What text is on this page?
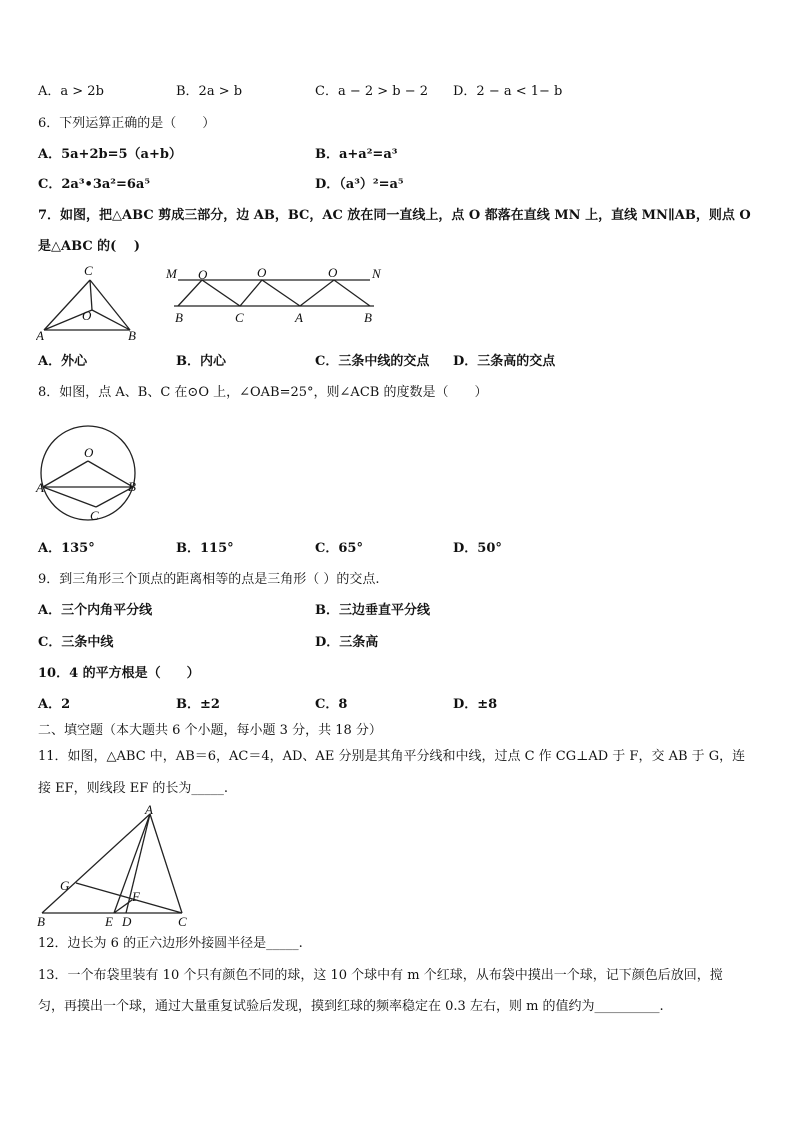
A．a > 2b	B．2a > b	C．a − 2 > b − 2 D．2 − a < 1− b
6．下列运算正确的是（　　）
A．5a+2b=5（a+b）	B．a+a²=a³
C．2a³•3a²=6a⁵	D．（a³）²=a⁵
7．如图，把△ABC 剪成三部分，边 AB，BC，AC 放在同一直线上，点 O 都落在直线 MN 上，直线 MN∥AB，则点 O
是△ABC 的(　 )
C
A	B
O
M	N
O	O	O
B	C	A	B
A．外心	B．内心	C．三条中线的交点 D．三条高的交点
8．如图，点 A、B、C 在⊙O 上，∠OAB=25°，则∠ACB 的度数是（　　）
O
A	B
C
A．135°	B．115°	C．65°	D．50°
9．到三角形三个顶点的距离相等的点是三角形（ ）的交点.
A．三个内角平分线	B．三边垂直平分线
C．三条中线	D．三条高
10．4 的平方根是（　　）
A．2	B．±2	C．8	D．±8
二、填空题（本大题共 6 个小题，每小题 3 分，共 18 分）
11．如图，△ABC 中，AB＝6，AC＝4，AD、AE 分别是其角平分线和中线，过点 C 作 CG⊥AD 于 F，交 AB 于 G，连
接 EF，则线段 EF 的长为_____.
A
G
F
B	E D	C
12．边长为 6 的正六边形外接圆半径是_____.
13．一个布袋里装有 10 个只有颜色不同的球，这 10 个球中有 m 个红球，从布袋中摸出一个球，记下颜色后放回，搅
匀，再摸出一个球，通过大量重复试验后发现，摸到红球的频率稳定在 0.3 左右，则 m 的值约为__________.
